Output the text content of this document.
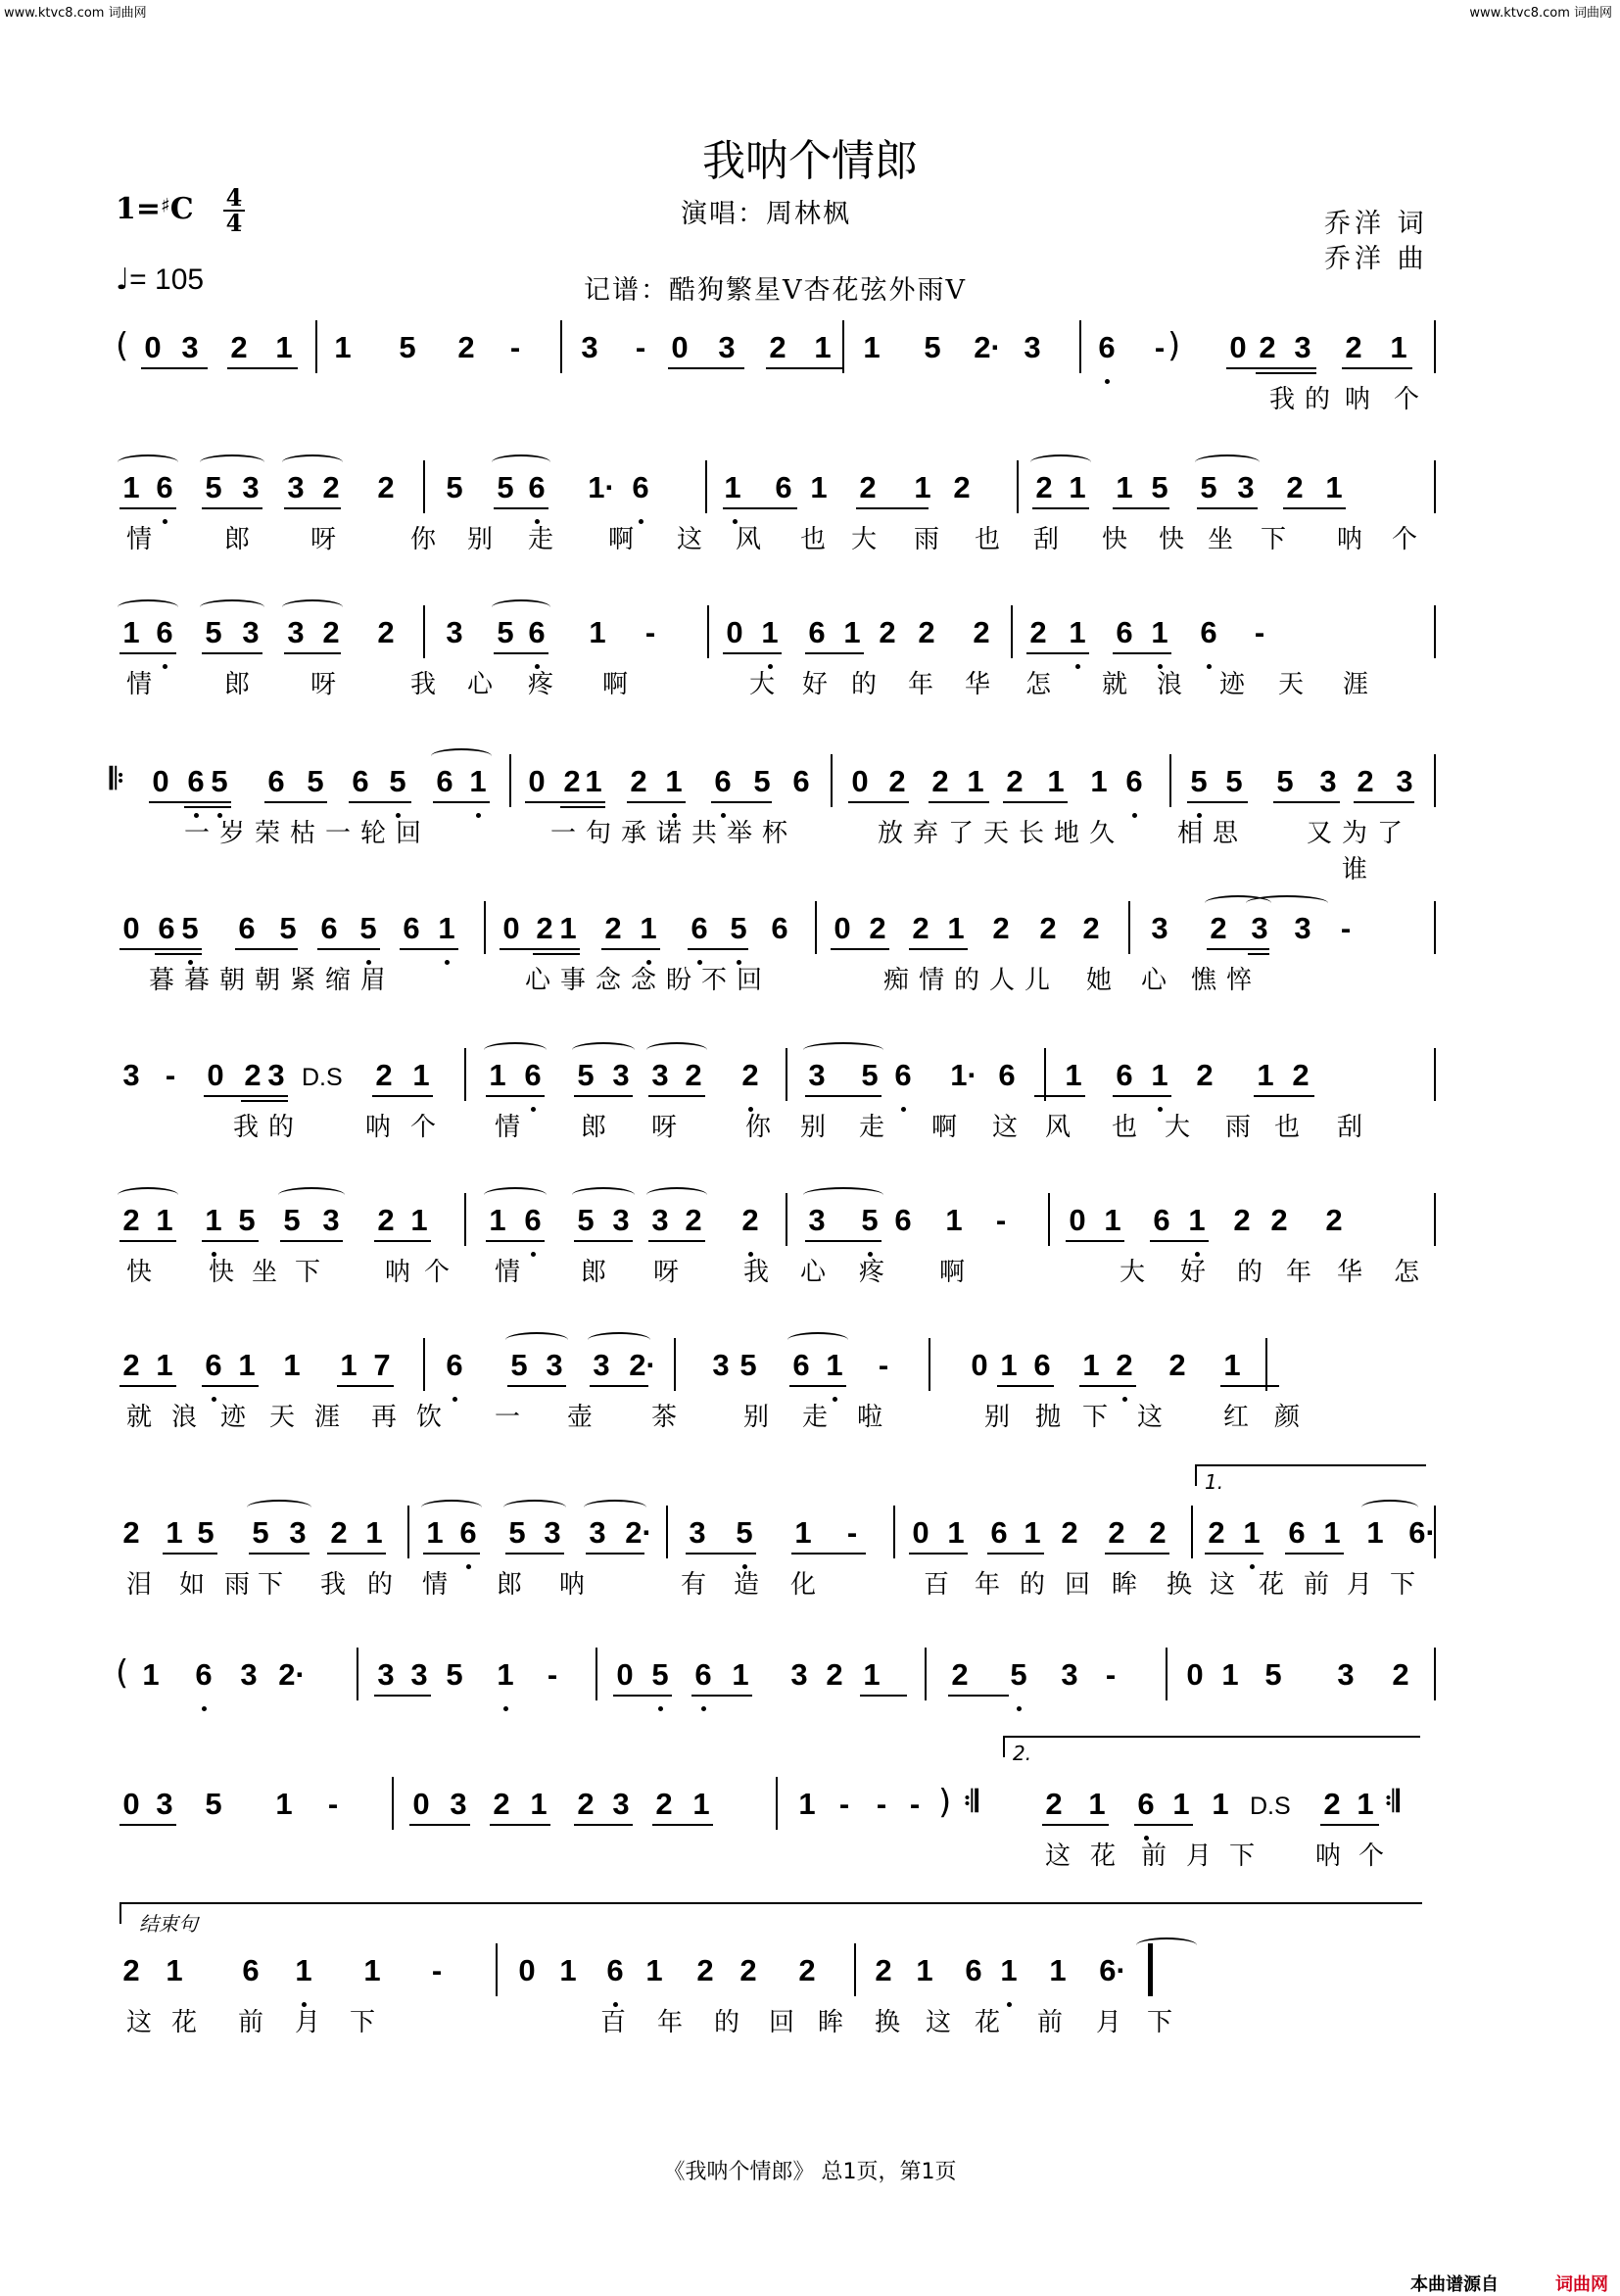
www.ktvc8.com 词曲网	www.ktvc8.com 词曲网
我呐个情郎
1=♯C 4
4
♩= 105
演唱：周林枫
记谱：酷狗繁星V杏花弦外雨V
乔洋 词
乔洋 曲
( 0 3 2 1 1 5 2	-	3	- 0 3 2 1 1 5 2· 3 6	- ) 0 2 3 2 1
我的 呐 个
1 6 5 3 3 2 2 5 5 6 1· 6 1 6 1 2 1 2 2 1 1 5 5 3 2 1
情	郎 呀	你 别 走 啊 这 风 也 大 雨 也 刮 快 快 坐 下 呐 个
1 6 5 3 3 2 2 3 5 6 1	-	0 1 6 1 2 2 2 2 1 6 1 6	-
情	郎 呀	我 心 疼 啊	大 好 的 年 华 怎 就 浪 迹 天 涯
𝄆 0 6 5 6 5 6 5 6 1 0 2 1 2 1 6 5 6 0 2 2 1 2 1 1 6 5 5 5 3 2 3
一岁荣枯一轮回	一句承诺共举杯	放弃了天长地久 相思	又为了谁
0 6 5 6 5 6 5 6 1 0 2 1 2 1 6 5 6 0 2 2 1 2 2 2 3 2 3 3 -
暮暮朝朝紧缩眉	心事念念盼不回	痴情的人儿 她 心 憔悴
3 -	0 2 3 D.S 2 1 1 6 5 3 3 2 2 3 5 6 1· 6 1 6 1 2 1 2
我的 呐 个 情 郎 呀	你 别 走 啊 这 风 也 大 雨 也 刮
2 1 1 5 5 3 2 1 1 6 5 3 3 2 2 3 5 6 1	-	0 1 6 1 2 2 2
快 快 坐 下	呐 个 情 郎 呀	我 心 疼 啊	大 好 的 年 华 怎
2 1 6 1 1 1 7 6 5 3 3 2· 3 5 6 1	-	0 1 6 1 2 2 1
就 浪 迹 天 涯 再 饮 一 壶 茶	别 走 啦	别 抛 下 这 红 颜
2 1 5 5 3 2 1 1 6 5 3 3 2· 3 5 1	-	0 1 6 1 2 2 2
1.
2 1 6 1 1 6·
泪 如 雨 下 我 的 情 郎 呐	有 造 化	百 年 的 回 眸 换 这 花 前 月 下
( 1 6 3 2· 3 3 5 1	-	0 5 6 1 3 2 1 2 5 3 -	0 1 5 3 2
0 3 5 1	-	0 3 2 1 2 3 2 1	1 - - - ) 𝄇
2.
2 1 6 1 1 D.S 2 1 𝄇
这 花 前 月 下 呐 个
结束句
2 1 6 1 1	-	0 1 6 1 2 2 2 2 1 6 1 1 6·
这 花 前 月 下	百 年 的 回 眸 换 这 花 前 月 下
《我呐个情郎》 总1页，第1页
本曲谱源自	词曲网
